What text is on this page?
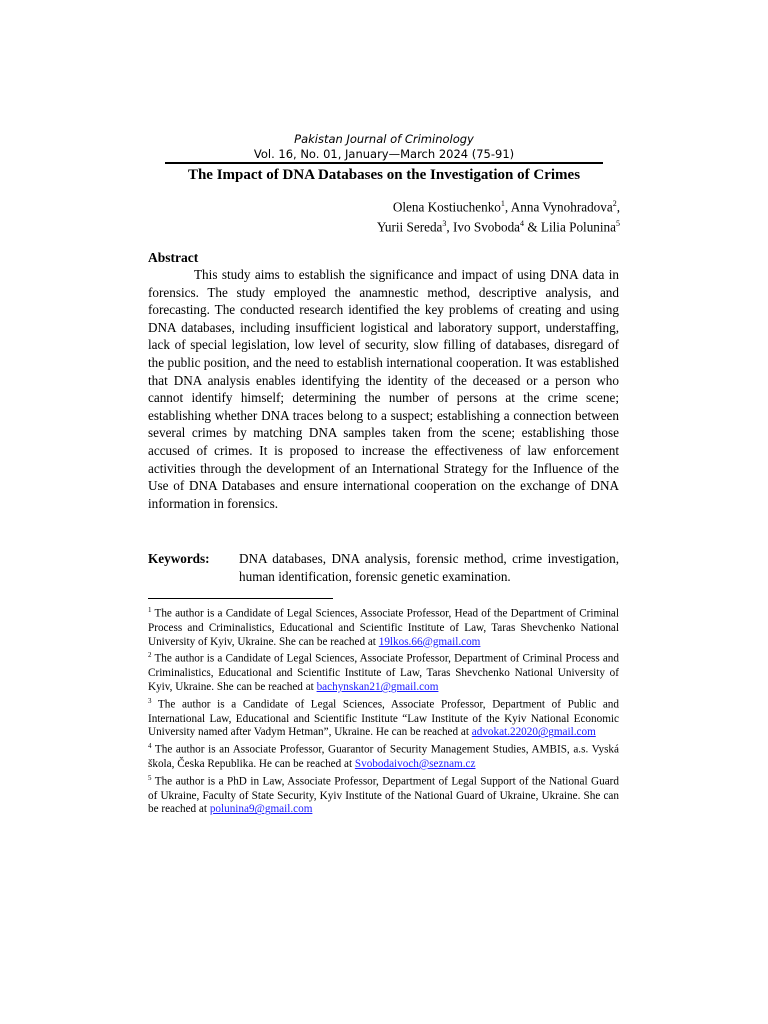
Pakistan Journal of Criminology
Vol. 16, No. 01, January—March 2024 (75-91)
The Impact of DNA Databases on the Investigation of Crimes
Olena Kostiuchenko$^1$, Anna Vynohradova$^2$,
Yurii Sereda$^3$, Ivo Svoboda$^4$ & Lilia Polunina$^5$
Abstract

This study aims to establish the significance and impact of using DNA data in forensics. The study employed the anamnestic method, descriptive analysis, and forecasting. The conducted research identified the key problems of creating and using DNA databases, including insufficient logistical and laboratory support, understaffing, lack of special legislation, low level of security, slow filling of databases, disregard of the public position, and the need to establish international cooperation. It was established that DNA analysis enables identifying the identity of the deceased or a person who cannot identify himself; determining the number of persons at the crime scene; establishing whether DNA traces belong to a suspect; establishing a connection between several crimes by matching DNA samples taken from the scene; establishing those accused of crimes. It is proposed to increase the effectiveness of law enforcement activities through the development of an International Strategy for the Influence of the Use of DNA Databases and ensure international cooperation on the exchange of DNA information in forensics.

Keywords: DNA databases, DNA analysis, forensic method, crime investigation, human identification, forensic genetic examination.

$^1$ The author is a Candidate of Legal Sciences, Associate Professor, Head of the Department of Criminal Process and Criminalistics, Educational and Scientific Institute of Law, Taras Shevchenko National University of Kyiv, Ukraine. She can be reached at 19lkos.66@gmail.com

$^2$ The author is a Candidate of Legal Sciences, Associate Professor, Department of Criminal Process and Criminalistics, Educational and Scientific Institute of Law, Taras Shevchenko National University of Kyiv, Ukraine. She can be reached at bachynskan21@gmail.com

$^3$ The author is a Candidate of Legal Sciences, Associate Professor, Department of Public and International Law, Educational and Scientific Institute “Law Institute of the Kyiv National Economic University named after Vadym Hetman”, Ukraine. He can be reached at advokat.22020@gmail.com

$^4$ The author is an Associate Professor, Guarantor of Security Management Studies, AMBIS, a.s. Vyská škola, Česka Republika. He can be reached at Svobodaivoch@seznam.cz

$^5$ The author is a PhD in Law, Associate Professor, Department of Legal Support of the National Guard of Ukraine, Faculty of State Security, Kyiv Institute of the National Guard of Ukraine, Ukraine. She can be reached at polunina9@gmail.com
